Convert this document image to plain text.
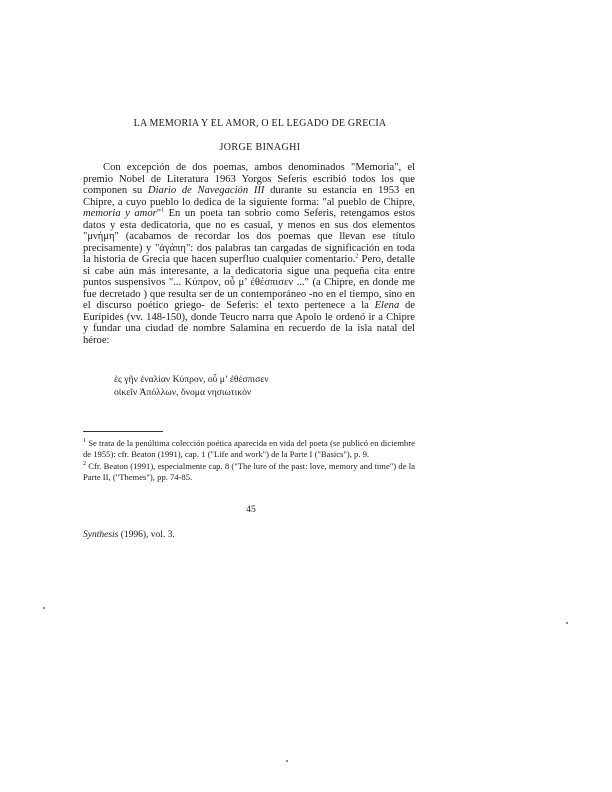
LA MEMORIA Y EL AMOR, O EL LEGADO DE GRECIA
JORGE BINAGHI

Con excepción de dos poemas, ambos denominados "Memoria", el premio Nobel de Literatura 1963 Yorgos Seferis escribió todos los que componen su Diario de Navegación III durante su estancia en 1953 en Chipre, a cuyo pueblo lo dedica de la siguiente forma: "al pueblo de Chipre, memoria y amor"$^1$ En un poeta tan sobrio como Seferis, retengamos estos datos y esta dedicatoria, que no es casual, y menos en sus dos elementos "μνήμη" (acabamos de recordar los dos poemas que llevan ese título precisamente) y "ἀγάπη": dos palabras tan cargadas de significación en toda la historia de Grecia que hacen superfluo cualquier comentario.$^2$ Pero, detalle si cabe aún más interesante, a la dedicatoria sigue una pequeña cita entre puntos suspensivos "... Κύπρον, οὗ μ’ ἐθέσπισεν ..." (a Chipre, en donde me fue decretado ) que resulta ser de un contemporáneo -no en el tiempo, sino en el discurso poético griego- de Seferis: el texto pertenece a la Elena de Eurípides (vv. 148-150), donde Teucro narra que Apolo le ordenó ir a Chipre y fundar una ciudad de nombre Salamina en recuerdo de la isla natal del héroe:

ἐς γῆν ἐναλίαν Κύπρον, οὗ μ’ ἐθέσπισεν
οἰκεῖν Ἀπόλλων, ὄνομα νησιωτικὸν

$^1$ Se trata de la penúltima colección poética aparecida en vida del poeta (se publicó en diciembre de 1955): cfr. Beaton (1991), cap. 1 ("Life and work") de la Parte I ("Basics"), p. 9.

$^2$ Cfr. Beaton (1991), especialmente cap. 8 ("The lure of the past: love, memory and time") de la Parte II, ("Themes"), pp. 74-85.

45
Synthesis (1996), vol. 3.
